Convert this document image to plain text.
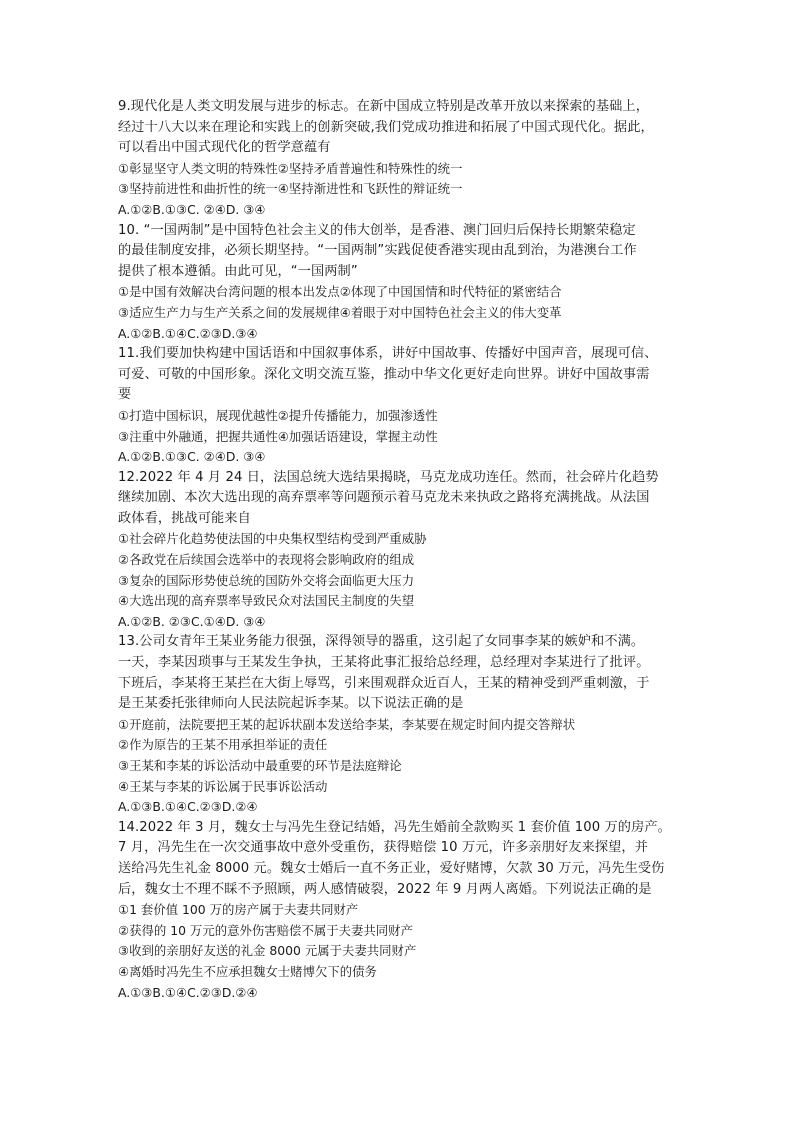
9.现代化是人类文明发展与进步的标志。在新中国成立特别是改革开放以来探索的基础上，
经过十八大以来在理论和实践上的创新突破,我们党成功推进和拓展了中国式现代化。据此，
可以看出中国式现代化的哲学意蕴有
①彰显坚守人类文明的特殊性②坚持矛盾普遍性和特殊性的统一
③坚持前进性和曲折性的统一④坚持渐进性和飞跃性的辩证统一
A.①②B.①③C. ②④D. ③④
10. “一国两制”是中国特色社会主义的伟大创举，是香港、澳门回归后保持长期繁荣稳定
的最佳制度安排，必须长期坚持。“一国两制”实践促使香港实现由乱到治，为港澳台工作
提供了根本遵循。由此可见，“一国两制”
①是中国有效解决台湾问题的根本出发点②体现了中国国情和时代特征的紧密结合
③适应生产力与生产关系之间的发展规律④着眼于对中国特色社会主义的伟大变革
A.①②B.①④C.②③D.③④
11.我们要加快构建中国话语和中国叙事体系，讲好中国故事、传播好中国声音，展现可信、
可爱、可敬的中国形象。深化文明交流互鉴，推动中华文化更好走向世界。讲好中国故事需
要
①打造中国标识，展现优越性②提升传播能力，加强渗透性
③注重中外融通，把握共通性④加强话语建设，掌握主动性
A.①②B.①③C. ②④D. ③④
12.2022 年 4 月 24 日，法国总统大选结果揭晓，马克龙成功连任。然而，社会碎片化趋势
继续加剧、本次大选出现的高弃票率等问题预示着马克龙未来执政之路将充满挑战。从法国
政体看，挑战可能来自
①社会碎片化趋势使法国的中央集权型结构受到严重威胁
②各政党在后续国会选举中的表现将会影响政府的组成
③复杂的国际形势使总统的国防外交将会面临更大压力
④大选出现的高弃票率导致民众对法国民主制度的失望
A.①②B. ②③C.①④D. ③④
13.公司女青年王某业务能力很强，深得领导的器重，这引起了女同事李某的嫉妒和不满。
一天，李某因琐事与王某发生争执，王某将此事汇报给总经理，总经理对李某进行了批评。
下班后，李某将王某拦在大街上辱骂，引来围观群众近百人，王某的精神受到严重刺激，于
是王某委托张律师向人民法院起诉李某。以下说法正确的是
①开庭前，法院要把王某的起诉状副本发送给李某，李某要在规定时间内提交答辩状
②作为原告的王某不用承担举证的责任
③王某和李某的诉讼活动中最重要的环节是法庭辩论
④王某与李某的诉讼属于民事诉讼活动
A.①③B.①④C.②③D.②④
14.2022 年 3 月，魏女士与冯先生登记结婚，冯先生婚前全款购买 1 套价值 100 万的房产。
7 月，冯先生在一次交通事故中意外受重伤，获得赔偿 10 万元，许多亲朋好友来探望，并
送给冯先生礼金 8000 元。魏女士婚后一直不务正业，爱好赌博，欠款 30 万元，冯先生受伤
后，魏女士不理不睬不予照顾，两人感情破裂，2022 年 9 月两人离婚。下列说法正确的是
①1 套价值 100 万的房产属于夫妻共同财产
②获得的 10 万元的意外伤害赔偿不属于夫妻共同财产
③收到的亲朋好友送的礼金 8000 元属于夫妻共同财产
④离婚时冯先生不应承担魏女士赌博欠下的债务
A.①③B.①④C.②③D.②④
